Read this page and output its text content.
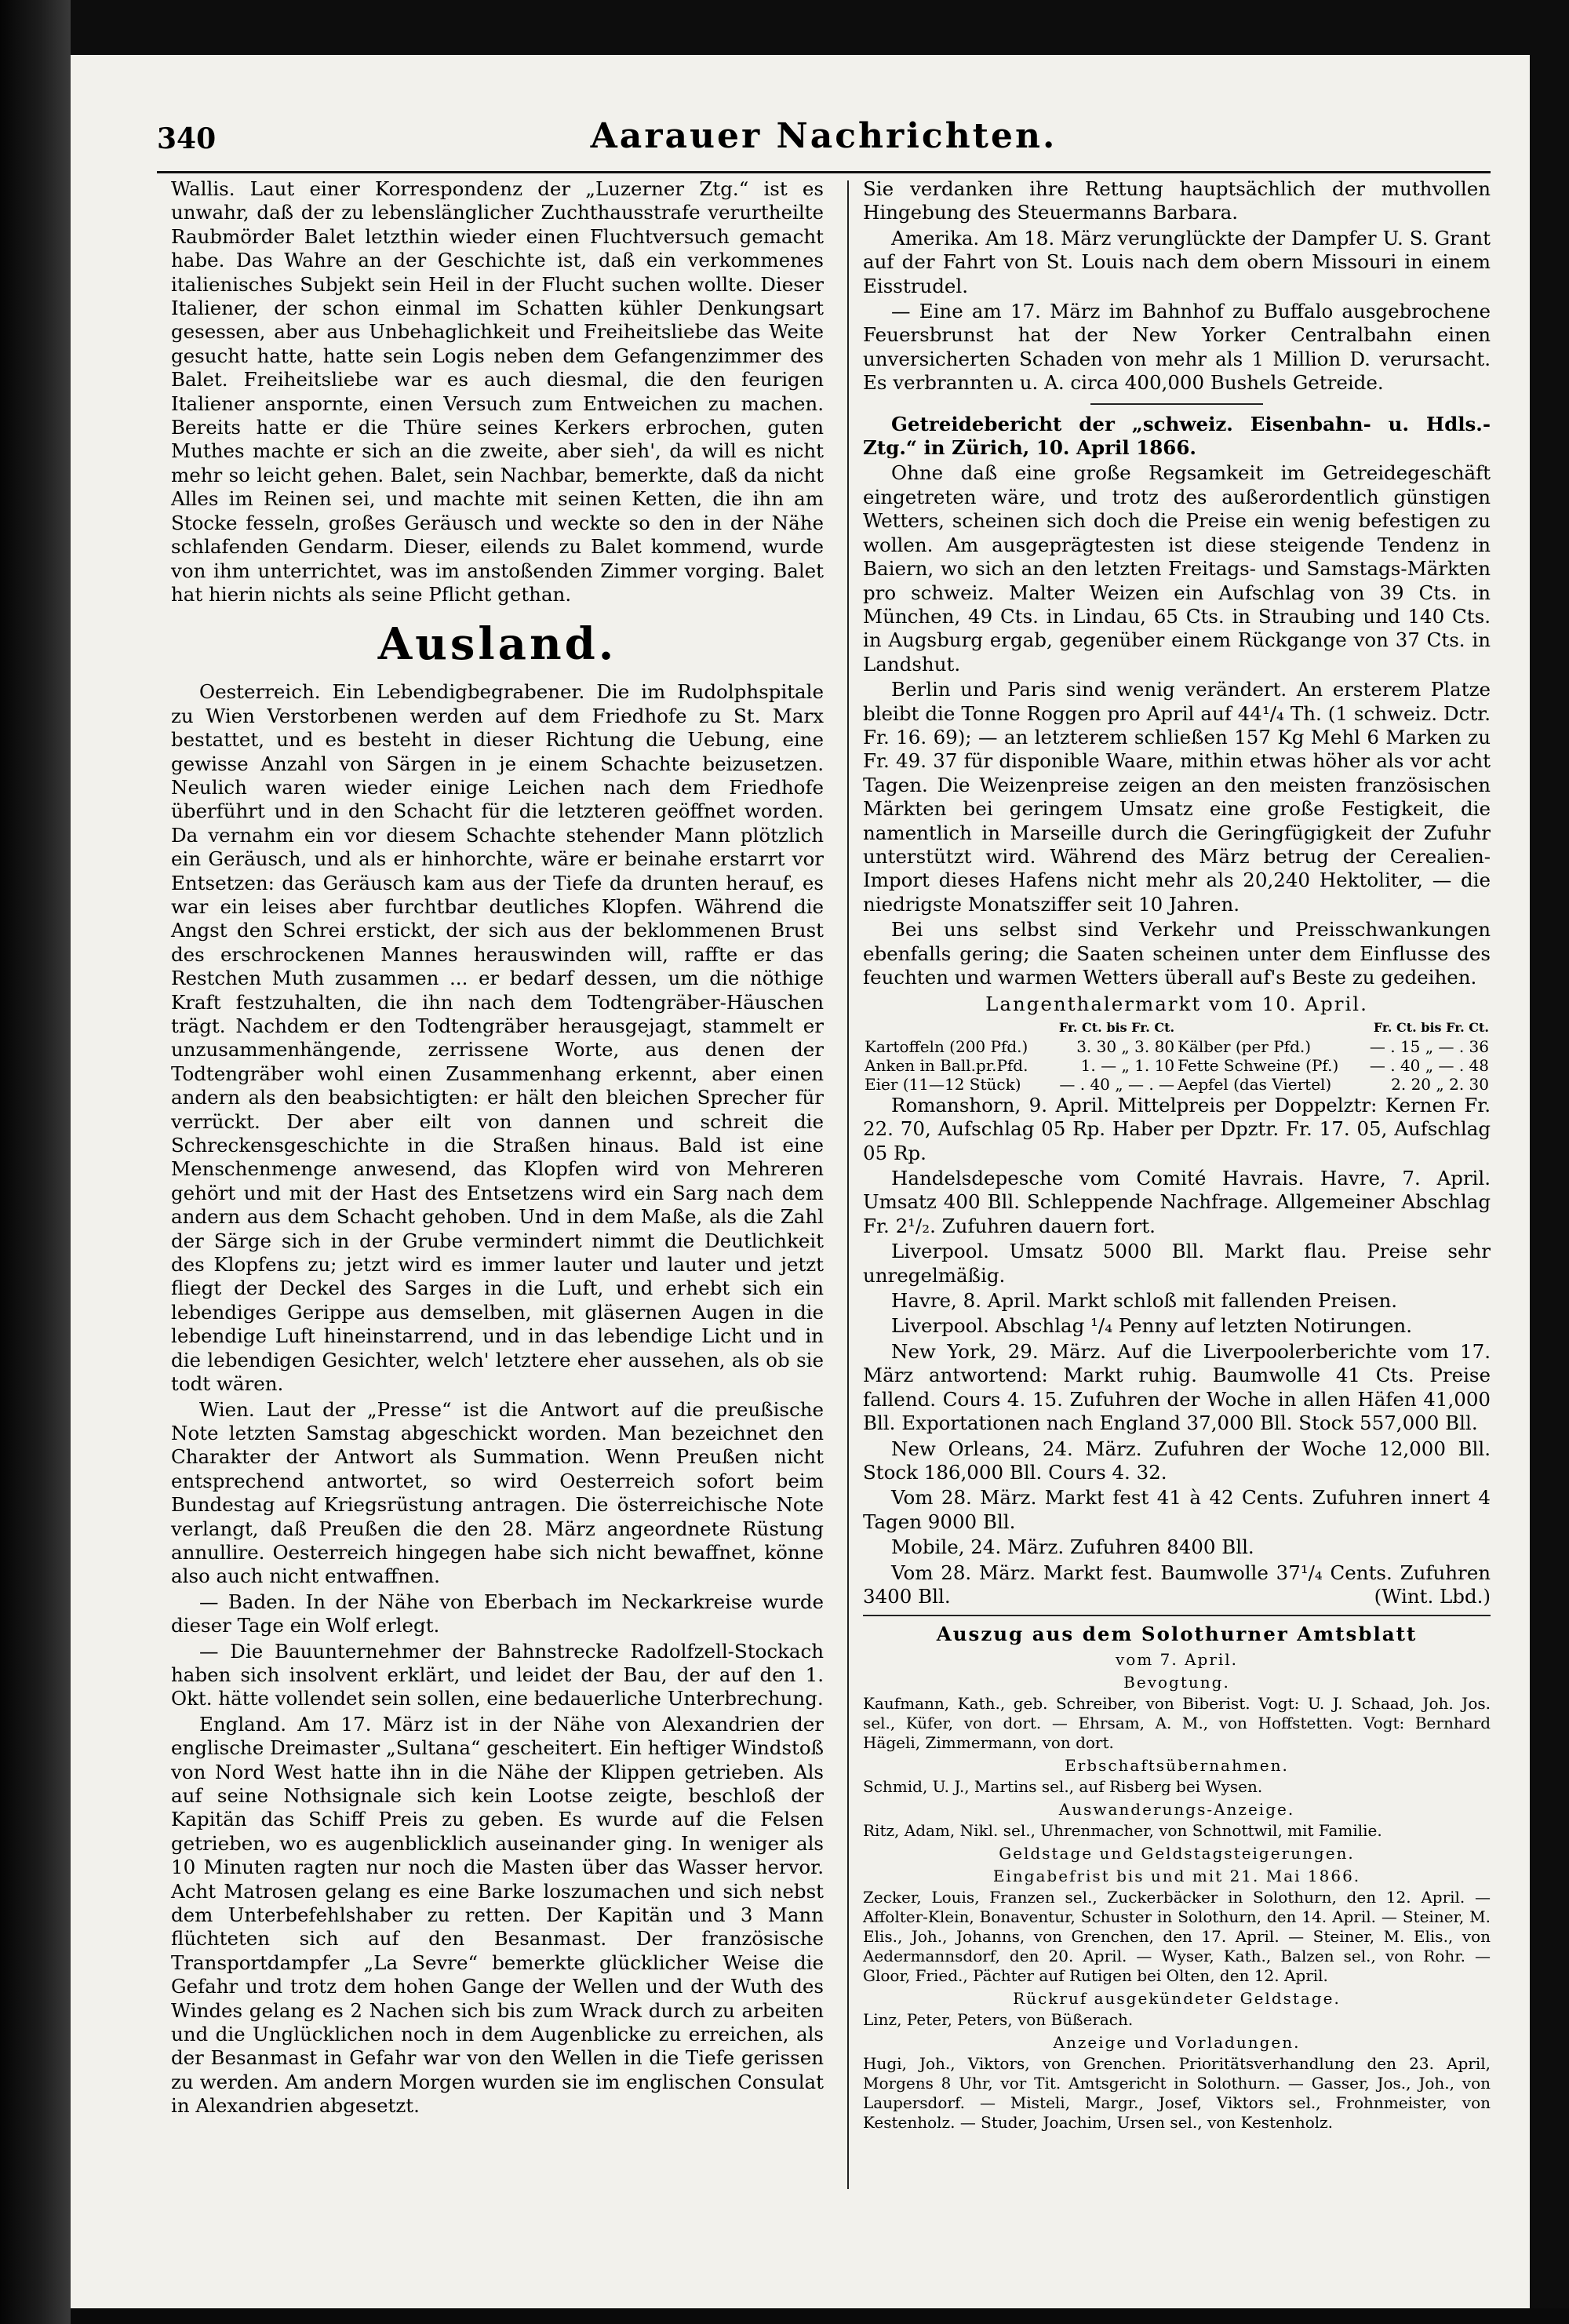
Aarauer Nachrichten.
340

Wallis. Laut einer Korrespondenz der „Luzerner Ztg.“ ist es unwahr, daß der zu lebenslänglicher Zuchthausstrafe verurtheilte Raubmörder Balet letzthin wieder einen Fluchtversuch gemacht habe. Das Wahre an der Geschichte ist, daß ein verkommenes italienisches Subjekt sein Heil in der Flucht suchen wollte. Dieser Italiener, der schon einmal im Schatten kühler Denkungsart gesessen, aber aus Unbehaglichkeit und Freiheitsliebe das Weite gesucht hatte, hatte sein Logis neben dem Gefangenzimmer des Balet. Freiheitsliebe war es auch diesmal, die den feurigen Italiener anspornte, einen Versuch zum Entweichen zu machen. Bereits hatte er die Thüre seines Kerkers erbrochen, guten Muthes machte er sich an die zweite, aber sieh', da will es nicht mehr so leicht gehen. Balet, sein Nachbar, bemerkte, daß da nicht Alles im Reinen sei, und machte mit seinen Ketten, die ihn am Stocke fesseln, großes Geräusch und weckte so den in der Nähe schlafenden Gendarm. Dieser, eilends zu Balet kommend, wurde von ihm unterrichtet, was im anstoßenden Zimmer vorging. Balet hat hierin nichts als seine Pflicht gethan.

Ausland.

Oesterreich. Ein Lebendigbegrabener. Die im Rudolphspitale zu Wien Verstorbenen werden auf dem Friedhofe zu St. Marx bestattet, und es besteht in dieser Richtung die Uebung, eine gewisse Anzahl von Särgen in je einem Schachte beizusetzen. Neulich waren wieder einige Leichen nach dem Friedhofe überführt und in den Schacht für die letzteren geöffnet worden. Da vernahm ein vor diesem Schachte stehender Mann plötzlich ein Geräusch, und als er hinhorchte, wäre er beinahe erstarrt vor Entsetzen: das Geräusch kam aus der Tiefe da drunten herauf, es war ein leises aber furchtbar deutliches Klopfen. Während die Angst den Schrei erstickt, der sich aus der beklommenen Brust des erschrockenen Mannes herauswinden will, raffte er das Restchen Muth zusammen ... er bedarf dessen, um die nöthige Kraft festzuhalten, die ihn nach dem Todtengräber-Häuschen trägt. Nachdem er den Todtengräber herausgejagt, stammelt er unzusammenhängende, zerrissene Worte, aus denen der Todtengräber wohl einen Zusammenhang erkennt, aber einen andern als den beabsichtigten: er hält den bleichen Sprecher für verrückt. Der aber eilt von dannen und schreit die Schreckensgeschichte in die Straßen hinaus. Bald ist eine Menschenmenge anwesend, das Klopfen wird von Mehreren gehört und mit der Hast des Entsetzens wird ein Sarg nach dem andern aus dem Schacht gehoben. Und in dem Maße, als die Zahl der Särge sich in der Grube vermindert nimmt die Deutlichkeit des Klopfens zu; jetzt wird es immer lauter und lauter und jetzt fliegt der Deckel des Sarges in die Luft, und erhebt sich ein lebendiges Gerippe aus demselben, mit gläsernen Augen in die lebendige Luft hineinstarrend, und in das lebendige Licht und in die lebendigen Gesichter, welch' letztere eher aussehen, als ob sie todt wären.

Wien. Laut der „Presse“ ist die Antwort auf die preußische Note letzten Samstag abgeschickt worden. Man bezeichnet den Charakter der Antwort als Summation. Wenn Preußen nicht entsprechend antwortet, so wird Oesterreich sofort beim Bundestag auf Kriegsrüstung antragen. Die österreichische Note verlangt, daß Preußen die den 28. März angeordnete Rüstung annullire. Oesterreich hingegen habe sich nicht bewaffnet, könne also auch nicht entwaffnen.

— Baden. In der Nähe von Eberbach im Neckarkreise wurde dieser Tage ein Wolf erlegt.

— Die Bauunternehmer der Bahnstrecke Radolfzell-Stockach haben sich insolvent erklärt, und leidet der Bau, der auf den 1. Okt. hätte vollendet sein sollen, eine bedauerliche Unterbrechung.

England. Am 17. März ist in der Nähe von Alexandrien der englische Dreimaster „Sultana“ gescheitert. Ein heftiger Windstoß von Nord West hatte ihn in die Nähe der Klippen getrieben. Als auf seine Nothsignale sich kein Lootse zeigte, beschloß der Kapitän das Schiff Preis zu geben. Es wurde auf die Felsen getrieben, wo es augenblicklich auseinander ging. In weniger als 10 Minuten ragten nur noch die Masten über das Wasser hervor. Acht Matrosen gelang es eine Barke loszumachen und sich nebst dem Unterbefehlshaber zu retten. Der Kapitän und 3 Mann flüchteten sich auf den Besanmast. Der französische Transportdampfer „La Sevre“ bemerkte glücklicher Weise die Gefahr und trotz dem hohen Gange der Wellen und der Wuth des Windes gelang es 2 Nachen sich bis zum Wrack durch zu arbeiten und die Unglücklichen noch in dem Augenblicke zu erreichen, als der Besanmast in Gefahr war von den Wellen in die Tiefe gerissen zu werden. Am andern Morgen wurden sie im englischen Consulat in Alexandrien abgesetzt.

Sie verdanken ihre Rettung hauptsächlich der muthvollen Hingebung des Steuermanns Barbara.

Amerika. Am 18. März verunglückte der Dampfer U. S. Grant auf der Fahrt von St. Louis nach dem obern Missouri in einem Eisstrudel.

— Eine am 17. März im Bahnhof zu Buffalo ausgebrochene Feuersbrunst hat der New Yorker Centralbahn einen unversicherten Schaden von mehr als 1 Million D. verursacht. Es verbrannten u. A. circa 400,000 Bushels Getreide.

Getreidebericht der „schweiz. Eisenbahn- u. Hdls.-Ztg.“ in Zürich, 10. April 1866.

Ohne daß eine große Regsamkeit im Getreidegeschäft eingetreten wäre, und trotz des außerordentlich günstigen Wetters, scheinen sich doch die Preise ein wenig befestigen zu wollen. Am ausgeprägtesten ist diese steigende Tendenz in Baiern, wo sich an den letzten Freitags- und Samstags-Märkten pro schweiz. Malter Weizen ein Aufschlag von 39 Cts. in München, 49 Cts. in Lindau, 65 Cts. in Straubing und 140 Cts. in Augsburg ergab, gegenüber einem Rückgange von 37 Cts. in Landshut.

Berlin und Paris sind wenig verändert. An ersterem Platze bleibt die Tonne Roggen pro April auf 44¹/₄ Th. (1 schweiz. Dctr. Fr. 16. 69); — an letzterem schließen 157 Kg Mehl 6 Marken zu Fr. 49. 37 für disponible Waare, mithin etwas höher als vor acht Tagen. Die Weizenpreise zeigen an den meisten französischen Märkten bei geringem Umsatz eine große Festigkeit, die namentlich in Marseille durch die Geringfügigkeit der Zufuhr unterstützt wird. Während des März betrug der Cerealien-Import dieses Hafens nicht mehr als 20,240 Hektoliter, — die niedrigste Monatsziffer seit 10 Jahren.

Bei uns selbst sind Verkehr und Preisschwankungen ebenfalls gering; die Saaten scheinen unter dem Einflusse des feuchten und warmen Wetters überall auf's Beste zu gedeihen.

Langenthalermarkt vom 10. April.
	Fr. Ct. bis Fr. Ct.		Fr. Ct. bis Fr. Ct.
Kartoffeln (200 Pfd.)	3. 30 „ 3. 80	Kälber (per Pfd.)	— . 15 „ — . 36
Anken in Ball.pr.Pfd.	1. — „ 1. 10	Fette Schweine (Pf.)	— . 40 „ — . 48
Eier (11—12 Stück)	— . 40 „ — . —	Aepfel (das Viertel)	2. 20 „ 2. 30

Romanshorn, 9. April. Mittelpreis per Doppelztr: Kernen Fr. 22. 70, Aufschlag 05 Rp. Haber per Dpztr. Fr. 17. 05, Aufschlag 05 Rp.

Handelsdepesche vom Comité Havrais. Havre, 7. April. Umsatz 400 Bll. Schleppende Nachfrage. Allgemeiner Abschlag Fr. 2¹/₂. Zufuhren dauern fort.

Liverpool. Umsatz 5000 Bll. Markt flau. Preise sehr unregelmäßig.

Havre, 8. April. Markt schloß mit fallenden Preisen.

Liverpool. Abschlag ¹/₄ Penny auf letzten Notirungen.

New York, 29. März. Auf die Liverpoolerberichte vom 17. März antwortend: Markt ruhig. Baumwolle 41 Cts. Preise fallend. Cours 4. 15. Zufuhren der Woche in allen Häfen 41,000 Bll. Exportationen nach England 37,000 Bll. Stock 557,000 Bll.

New Orleans, 24. März. Zufuhren der Woche 12,000 Bll. Stock 186,000 Bll. Cours 4. 32.

Vom 28. März. Markt fest 41 à 42 Cents. Zufuhren innert 4 Tagen 9000 Bll.

Mobile, 24. März. Zufuhren 8400 Bll.

Vom 28. März. Markt fest. Baumwolle 37¹/₄ Cents. Zufuhren 3400 Bll.	(Wint. Lbd.)

Auszug aus dem Solothurner Amtsblatt
vom 7. April.
Bevogtung.

Kaufmann, Kath., geb. Schreiber, von Biberist. Vogt: U. J. Schaad, Joh. Jos. sel., Küfer, von dort. — Ehrsam, A. M., von Hoffstetten. Vogt: Bernhard Hägeli, Zimmermann, von dort.

Erbschaftsübernahmen.

Schmid, U. J., Martins sel., auf Risberg bei Wysen.

Auswanderungs-Anzeige.

Ritz, Adam, Nikl. sel., Uhrenmacher, von Schnottwil, mit Familie.

Geldstage und Geldstagsteigerungen.
Eingabefrist bis und mit 21. Mai 1866.

Zecker, Louis, Franzen sel., Zuckerbäcker in Solothurn, den 12. April. — Affolter-Klein, Bonaventur, Schuster in Solothurn, den 14. April. — Steiner, M. Elis., Joh., Johanns, von Grenchen, den 17. April. — Steiner, M. Elis., von Aedermannsdorf, den 20. April. — Wyser, Kath., Balzen sel., von Rohr. — Gloor, Fried., Pächter auf Rutigen bei Olten, den 12. April.

Rückruf ausgekündeter Geldstage.

Linz, Peter, Peters, von Büßerach.

Anzeige und Vorladungen.

Hugi, Joh., Viktors, von Grenchen. Prioritätsverhandlung den 23. April, Morgens 8 Uhr, vor Tit. Amtsgericht in Solothurn. — Gasser, Jos., Joh., von Laupersdorf. — Misteli, Margr., Josef, Viktors sel., Frohnmeister, von Kestenholz. — Studer, Joachim, Ursen sel., von Kestenholz.
